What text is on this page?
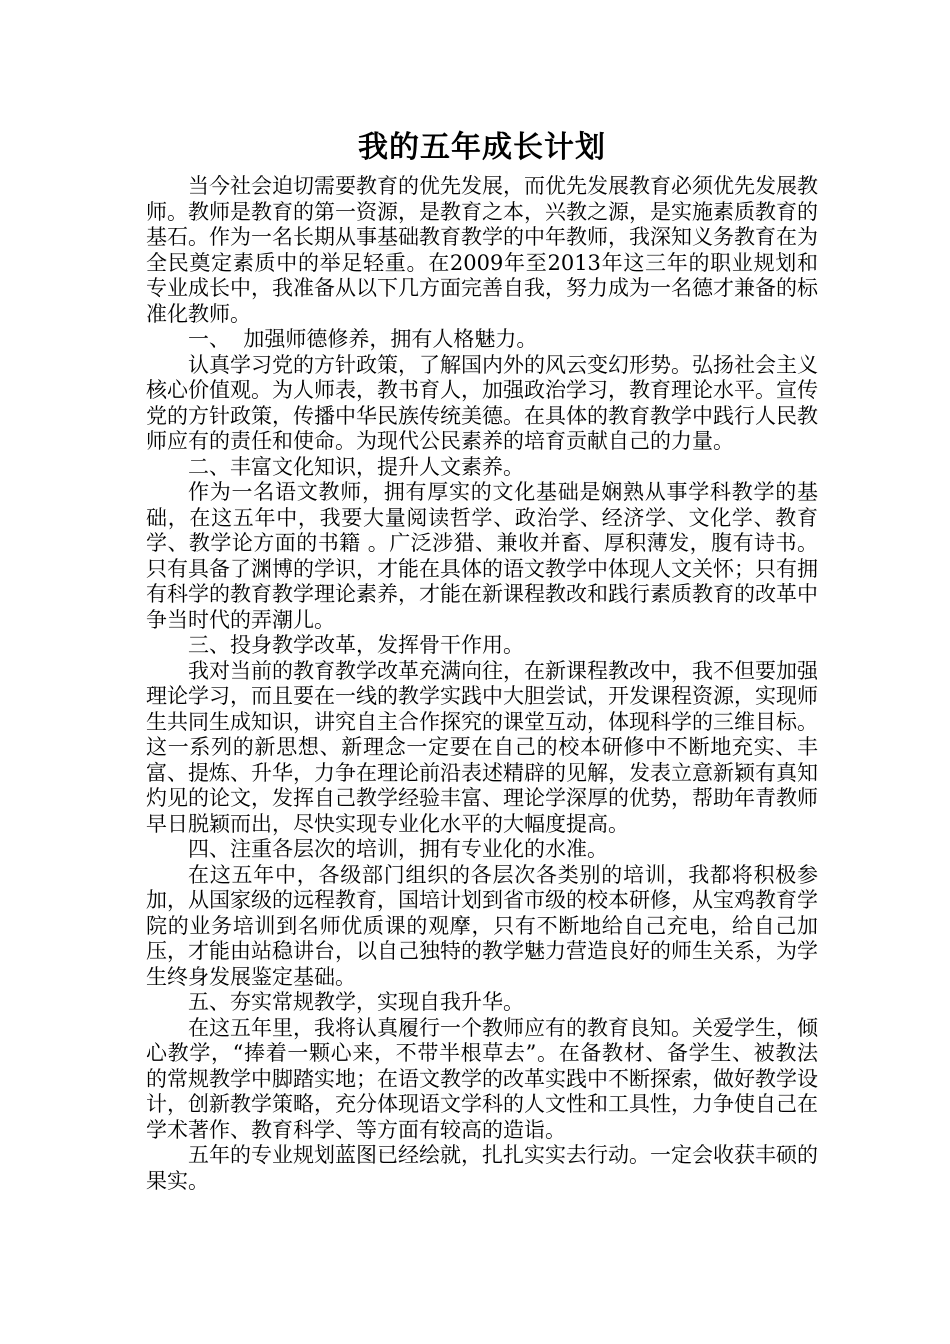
我的五年成长计划

当今社会迫切需要教育的优先发展，而优先发展教育必须优先发展教师。教师是教育的第一资源，是教育之本，兴教之源，是实施素质教育的基石。作为一名长期从事基础教育教学的中年教师，我深知义务教育在为全民奠定素质中的举足轻重。在2009年至2013年这三年的职业规划和专业成长中，我准备从以下几方面完善自我，努力成为一名德才兼备的标准化教师。

一、  加强师德修养，拥有人格魅力。

认真学习党的方针政策，了解国内外的风云变幻形势。弘扬社会主义核心价值观。为人师表，教书育人，加强政治学习，教育理论水平。宣传党的方针政策，传播中华民族传统美德。在具体的教育教学中践行人民教师应有的责任和使命。为现代公民素养的培育贡献自己的力量。

二、丰富文化知识，提升人文素养。

作为一名语文教师，拥有厚实的文化基础是娴熟从事学科教学的基础，在这五年中，我要大量阅读哲学、政治学、经济学、文化学、教育学、教学论方面的书籍 。广泛涉猎、兼收并畜、厚积薄发，腹有诗书。只有具备了渊博的学识，才能在具体的语文教学中体现人文关怀；只有拥有科学的教育教学理论素养，才能在新课程教改和践行素质教育的改革中争当时代的弄潮儿。

三、投身教学改革，发挥骨干作用。

我对当前的教育教学改革充满向往，在新课程教改中，我不但要加强理论学习，而且要在一线的教学实践中大胆尝试，开发课程资源，实现师生共同生成知识，讲究自主合作探究的课堂互动，体现科学的三维目标。这一系列的新思想、新理念一定要在自己的校本研修中不断地充实、丰富、提炼、升华，力争在理论前沿表述精辟的见解，发表立意新颖有真知灼见的论文，发挥自己教学经验丰富、理论学深厚的优势，帮助年青教师早日脱颖而出，尽快实现专业化水平的大幅度提高。

四、注重各层次的培训，拥有专业化的水准。

在这五年中，各级部门组织的各层次各类别的培训，我都将积极参加，从国家级的远程教育，国培计划到省市级的校本研修，从宝鸡教育学院的业务培训到名师优质课的观摩，只有不断地给自己充电，给自己加压，才能由站稳讲台，以自己独特的教学魅力营造良好的师生关系，为学生终身发展鉴定基础。

五、夯实常规教学，实现自我升华。

在这五年里，我将认真履行一个教师应有的教育良知。关爱学生，倾心教学，“捧着一颗心来，不带半根草去”。在备教材、备学生、被教法的常规教学中脚踏实地；在语文教学的改革实践中不断探索，做好教学设计，创新教学策略，充分体现语文学科的人文性和工具性，力争使自己在学术著作、教育科学、等方面有较高的造诣。

五年的专业规划蓝图已经绘就，扎扎实实去行动。一定会收获丰硕的果实。
